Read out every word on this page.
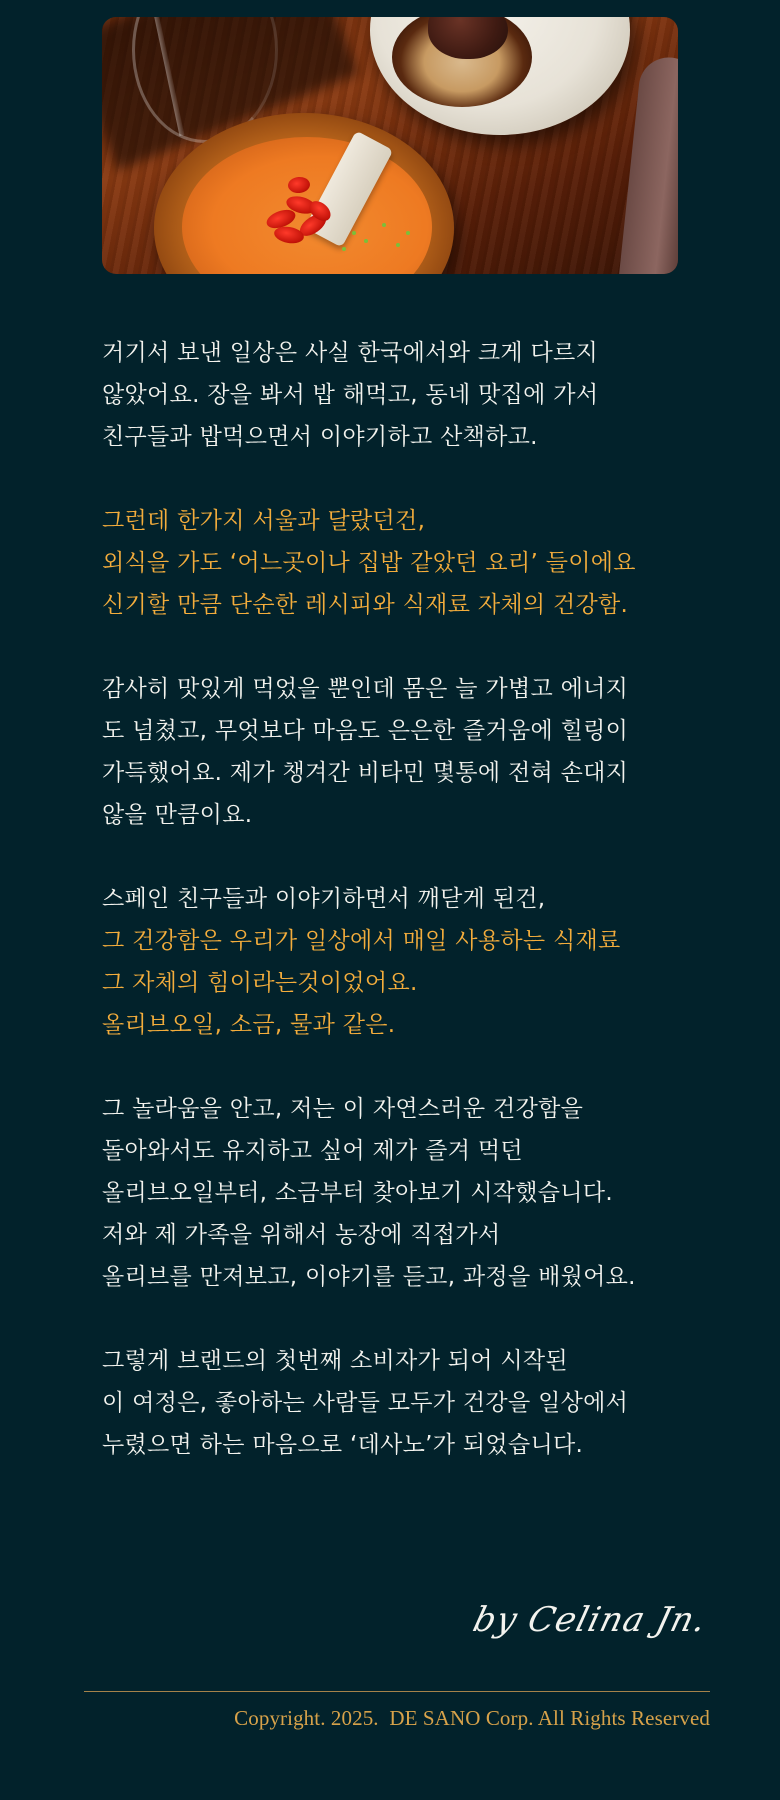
거기서 보낸 일상은 사실 한국에서와 크게 다르지
않았어요. 장을 봐서 밥 해먹고, 동네 맛집에 가서
친구들과 밥먹으면서 이야기하고 산책하고.

그런데 한가지 서울과 달랐던건,
외식을 가도 ‘어느곳이나 집밥 같았던 요리’ 들이에요
신기할 만큼 단순한 레시피와 식재료 자체의 건강함.

감사히 맛있게 먹었을 뿐인데 몸은 늘 가볍고 에너지
도 넘쳤고, 무엇보다 마음도 은은한 즐거움에 힐링이
가득했어요. 제가 챙겨간 비타민 몇통에 전혀 손대지
않을 만큼이요.

스페인 친구들과 이야기하면서 깨닫게 된건,
그 건강함은 우리가 일상에서 매일 사용하는 식재료
그 자체의 힘이라는것이었어요.
올리브오일, 소금, 물과 같은.

그 놀라움을 안고, 저는 이 자연스러운 건강함을
돌아와서도 유지하고 싶어 제가 즐겨 먹던
올리브오일부터, 소금부터 찾아보기 시작했습니다.
저와 제 가족을 위해서 농장에 직접가서
올리브를 만져보고, 이야기를 듣고, 과정을 배웠어요.

그렇게 브랜드의 첫번째 소비자가 되어 시작된
이 여정은, 좋아하는 사람들 모두가 건강을 일상에서
누렸으면 하는 마음으로 ‘데사노’가 되었습니다.

by Celina Jn.
Copyright. 2025.  DE SANO Corp. All Rights Reserved
